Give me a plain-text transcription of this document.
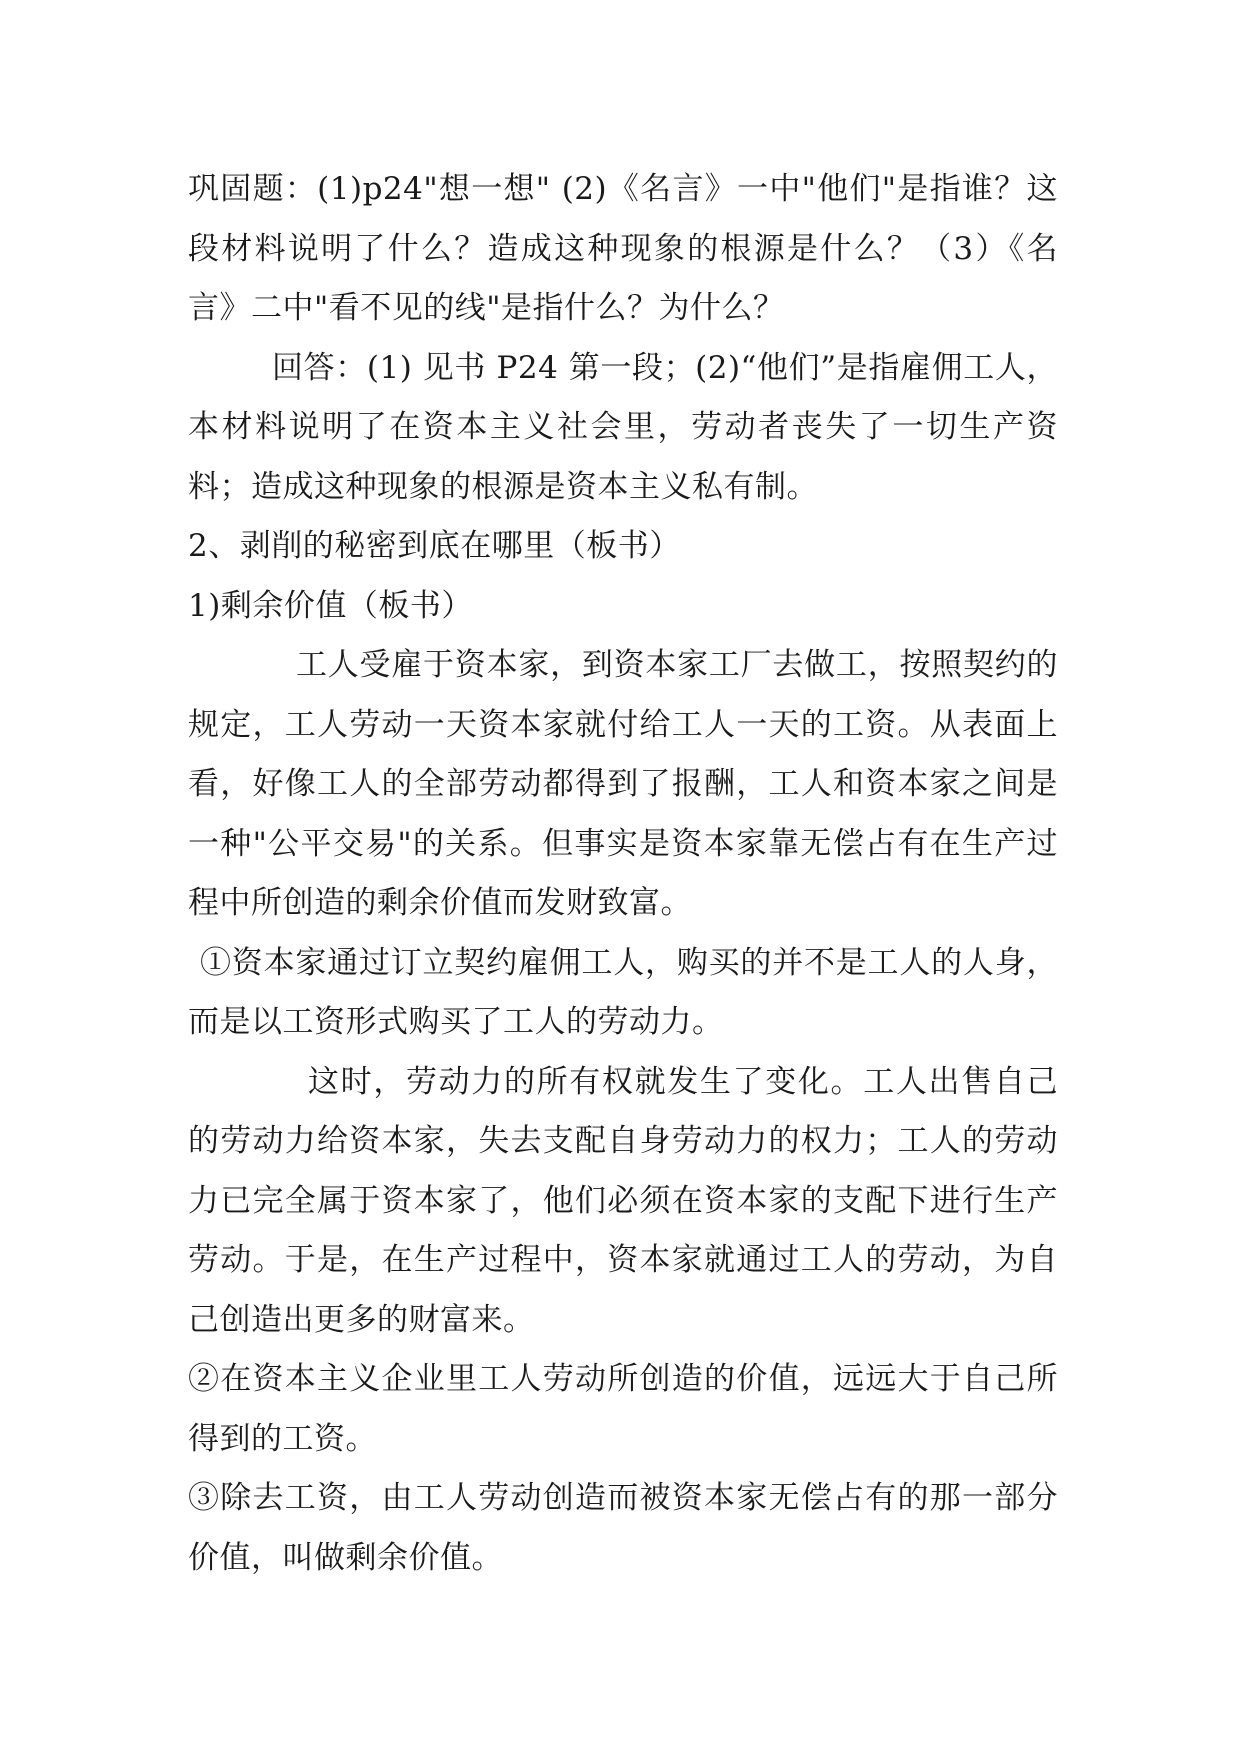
巩固题：(1)p24"想一想" (2)《名言》一中"他们"是指谁？这段材料说明了什么？造成这种现象的根源是什么？（3）《名言》二中"看不见的线"是指什么？为什么？

回答：(1) 见书 P24 第一段；(2)“他们”是指雇佣工人，本材料说明了在资本主义社会里，劳动者丧失了一切生产资料；造成这种现象的根源是资本主义私有制。

2、剥削的秘密到底在哪里（板书）

1)剩余价值（板书）

工人受雇于资本家，到资本家工厂去做工，按照契约的规定，工人劳动一天资本家就付给工人一天的工资。从表面上看，好像工人的全部劳动都得到了报酬，工人和资本家之间是一种"公平交易"的关系。但事实是资本家靠无偿占有在生产过程中所创造的剩余价值而发财致富。

①资本家通过订立契约雇佣工人，购买的并不是工人的人身，而是以工资形式购买了工人的劳动力。

这时，劳动力的所有权就发生了变化。工人出售自己的劳动力给资本家，失去支配自身劳动力的权力；工人的劳动力已完全属于资本家了，他们必须在资本家的支配下进行生产劳动。于是，在生产过程中，资本家就通过工人的劳动，为自己创造出更多的财富来。

②在资本主义企业里工人劳动所创造的价值，远远大于自己所得到的工资。

③除去工资，由工人劳动创造而被资本家无偿占有的那一部分价值，叫做剩余价值。
